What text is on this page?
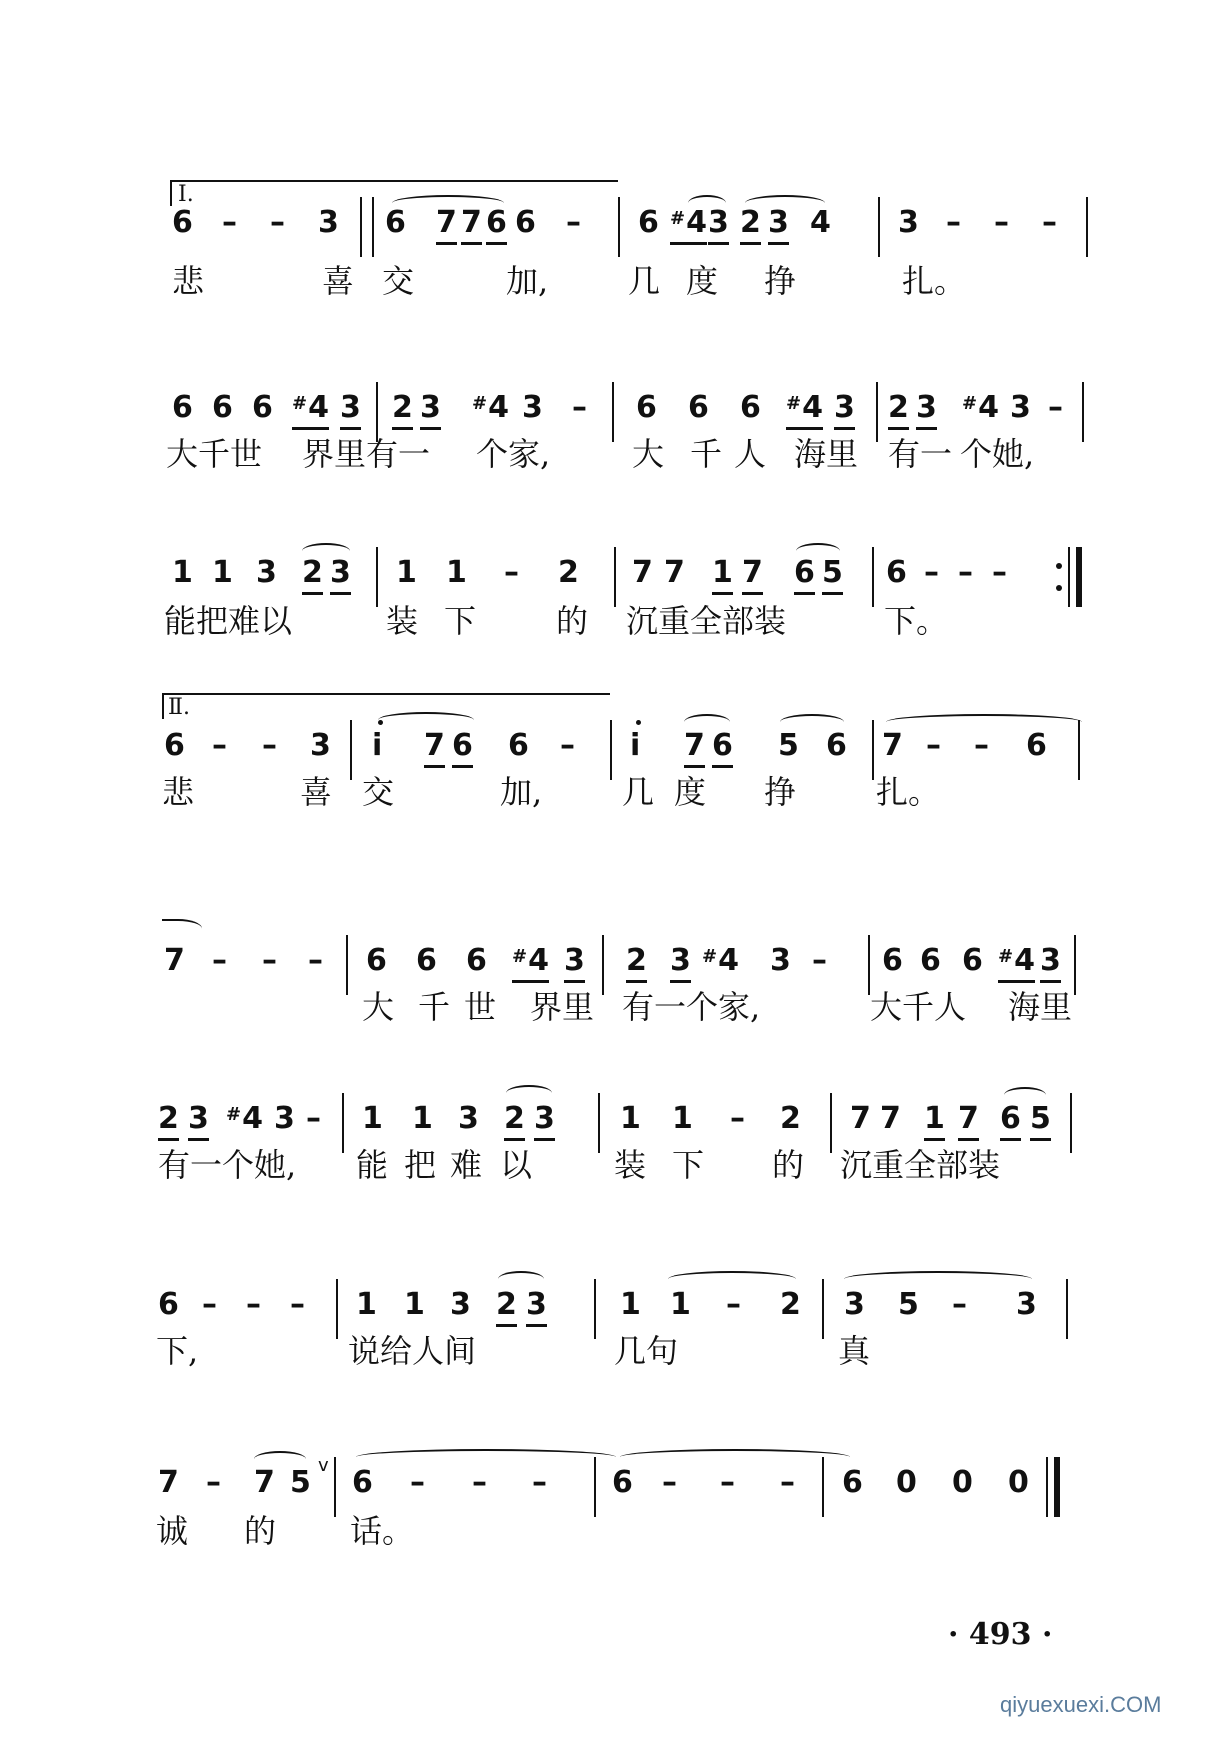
Ⅰ.
6 – – 3 6 7 7 6 6 – 6 #4 3 2 3 4 3 – – –
悲	喜 交	加, 几 度 挣	扎。
6 6 6 #4 3 2 3 #4 3 – 6 6 6 #4 3 2 3 #4 3 –
大千世 界里有一 个家,	大 千 人 海里 有一 个她,
1 1 3 2 3 1 1 – 2 7 7 1 7 6 5 6 – – –
能把难以	装 下 的 沉重全部装	下。
Ⅱ.
6 – – 3 i 7 6 6 – i 7 6 5 6 7 – – 6
悲	喜 交	加, 几 度 挣 扎。
7 – – – 6 6 6 #4 3 2 3 #4 3 – 6 6 6 #4 3
大 千 世 界里 有一个家,	大千人 海里
2 3 #4 3 – 1 1 3 2 3 1 1 – 2 7 7 1 7 6 5
有一个她, 能 把 难 以	装 下 的 沉重全部装
6 – – – 1 1 3 2 3 1 1 – 2 3 5 – 3
下,	说给人间	几句	真
7 – 7 5 v 6 – – – 6 – – – 6 0 0 0
诚 的 话。
· 493 ·
qiyuexuexi.COM
